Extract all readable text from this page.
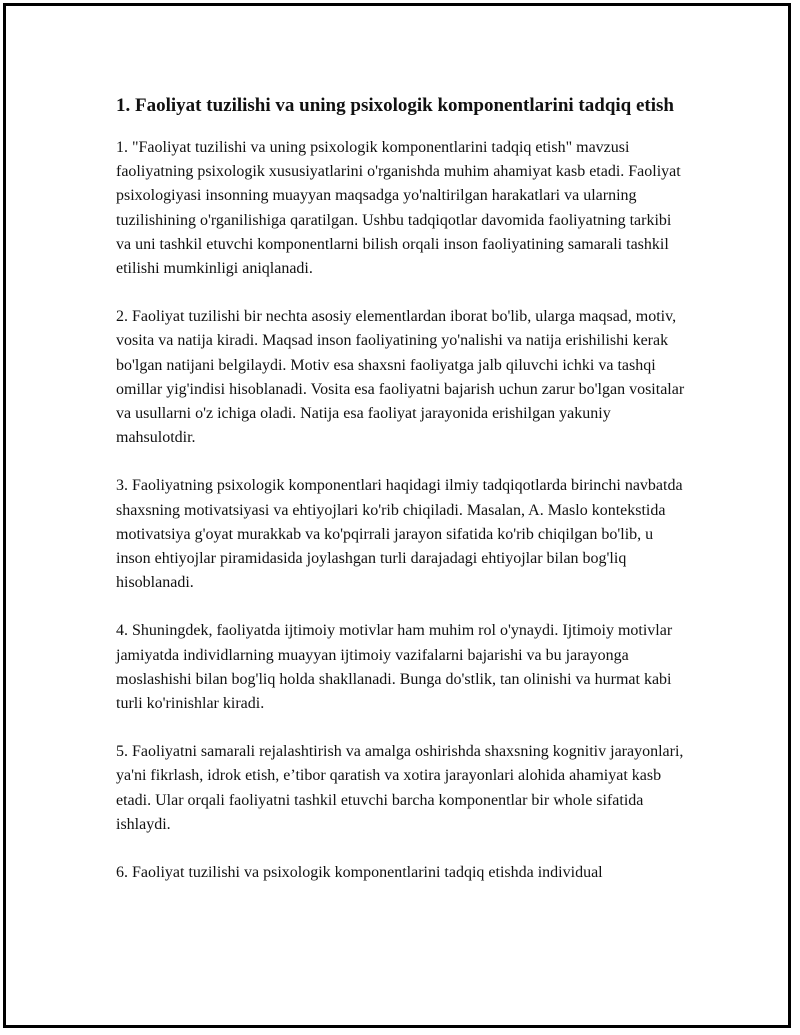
1. Faoliyat tuzilishi va uning psixologik komponentlarini tadqiq etish

1. "Faoliyat tuzilishi va uning psixologik komponentlarini tadqiq etish" mavzusi faoliyatning psixologik xususiyatlarini o'rganishda muhim ahamiyat kasb etadi. Faoliyat psixologiyasi insonning muayyan maqsadga yo'naltirilgan harakatlari va ularning tuzilishining o'rganilishiga qaratilgan. Ushbu tadqiqotlar davomida faoliyatning tarkibi va uni tashkil etuvchi komponentlarni bilish orqali inson faoliyatining samarali tashkil etilishi mumkinligi aniqlanadi.

2. Faoliyat tuzilishi bir nechta asosiy elementlardan iborat bo'lib, ularga maqsad, motiv, vosita va natija kiradi. Maqsad inson faoliyatining yo'nalishi va natija erishilishi kerak bo'lgan natijani belgilaydi. Motiv esa shaxsni faoliyatga jalb qiluvchi ichki va tashqi omillar yig'indisi hisoblanadi. Vosita esa faoliyatni bajarish uchun zarur bo'lgan vositalar va usullarni o'z ichiga oladi. Natija esa faoliyat jarayonida erishilgan yakuniy mahsulotdir.

3. Faoliyatning psixologik komponentlari haqidagi ilmiy tadqiqotlarda birinchi navbatda shaxsning motivatsiyasi va ehtiyojlari ko'rib chiqiladi. Masalan, A. Maslo kontekstida motivatsiya g'oyat murakkab va ko'pqirrali jarayon sifatida ko'rib chiqilgan bo'lib, u inson ehtiyojlar piramidasida joylashgan turli darajadagi ehtiyojlar bilan bog'liq hisoblanadi.

4. Shuningdek, faoliyatda ijtimoiy motivlar ham muhim rol o'ynaydi. Ijtimoiy motivlar jamiyatda individlarning muayyan ijtimoiy vazifalarni bajarishi va bu jarayonga moslashishi bilan bog'liq holda shakllanadi. Bunga do'stlik, tan olinishi va hurmat kabi turli ko'rinishlar kiradi.

5. Faoliyatni samarali rejalashtirish va amalga oshirishda shaxsning kognitiv jarayonlari, ya'ni fikrlash, idrok etish, e’tibor qaratish va xotira jarayonlari alohida ahamiyat kasb etadi. Ular orqali faoliyatni tashkil etuvchi barcha komponentlar bir whole sifatida ishlaydi.

6. Faoliyat tuzilishi va psixologik komponentlarini tadqiq etishda individual
